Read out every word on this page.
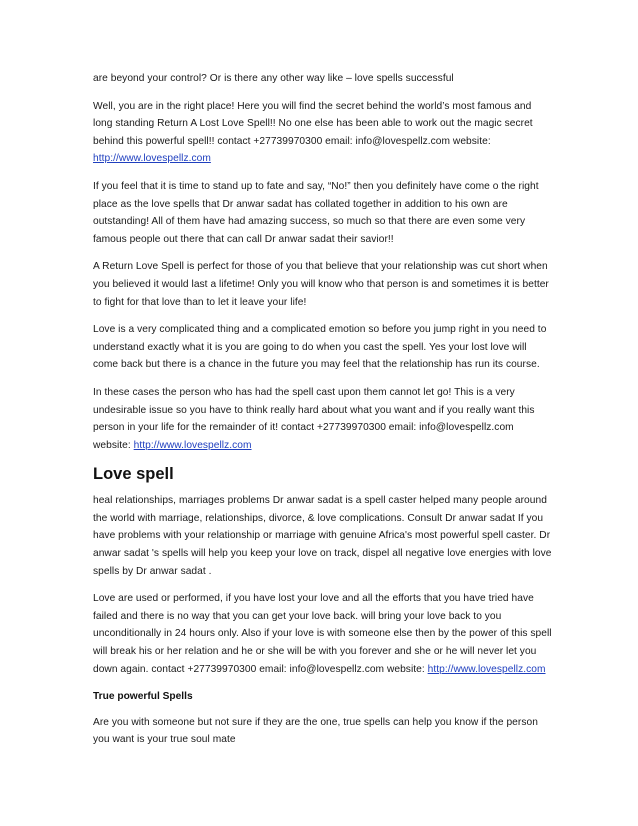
are beyond your control? Or is there any other way like – love spells successful

Well, you are in the right place! Here you will find the secret behind the world’s most famous and long standing Return A Lost Love Spell!! No one else has been able to work out the magic secret behind this powerful spell!! contact +27739970300 email: info@lovespellz.com website: http://www.lovespellz.com

If you feel that it is time to stand up to fate and say, “No!” then you definitely have come o the right place as the love spells that Dr anwar sadat has collated together in addition to his own are outstanding! All of them have had amazing success, so much so that there are even some very famous people out there that can call Dr anwar sadat their savior!!

A Return Love Spell is perfect for those of you that believe that your relationship was cut short when you believed it would last a lifetime! Only you will know who that person is and sometimes it is better to fight for that love than to let it leave your life!

Love is a very complicated thing and a complicated emotion so before you jump right in you need to understand exactly what it is you are going to do when you cast the spell. Yes your lost love will come back but there is a chance in the future you may feel that the relationship has run its course.

In these cases the person who has had the spell cast upon them cannot let go! This is a very undesirable issue so you have to think really hard about what you want and if you really want this person in your life for the remainder of it! contact +27739970300 email: info@lovespellz.com website: http://www.lovespellz.com

Love spell

heal relationships, marriages problems Dr anwar sadat is a spell caster helped many people around the world with marriage, relationships, divorce, & love complications. Consult Dr anwar sadat If you have problems with your relationship or marriage with genuine Africa's most powerful spell caster. Dr anwar sadat 's spells will help you keep your love on track, dispel all negative love energies with love spells by Dr anwar sadat .

Love are used or performed, if you have lost your love and all the efforts that you have tried have failed and there is no way that you can get your love back. will bring your love back to you unconditionally in 24 hours only. Also if your love is with someone else then by the power of this spell will break his or her relation and he or she will be with you forever and she or he will never let you down again. contact +27739970300 email: info@lovespellz.com website: http://www.lovespellz.com

True powerful Spells

Are you with someone but not sure if they are the one, true spells can help you know if the person you want is your true soul mate
